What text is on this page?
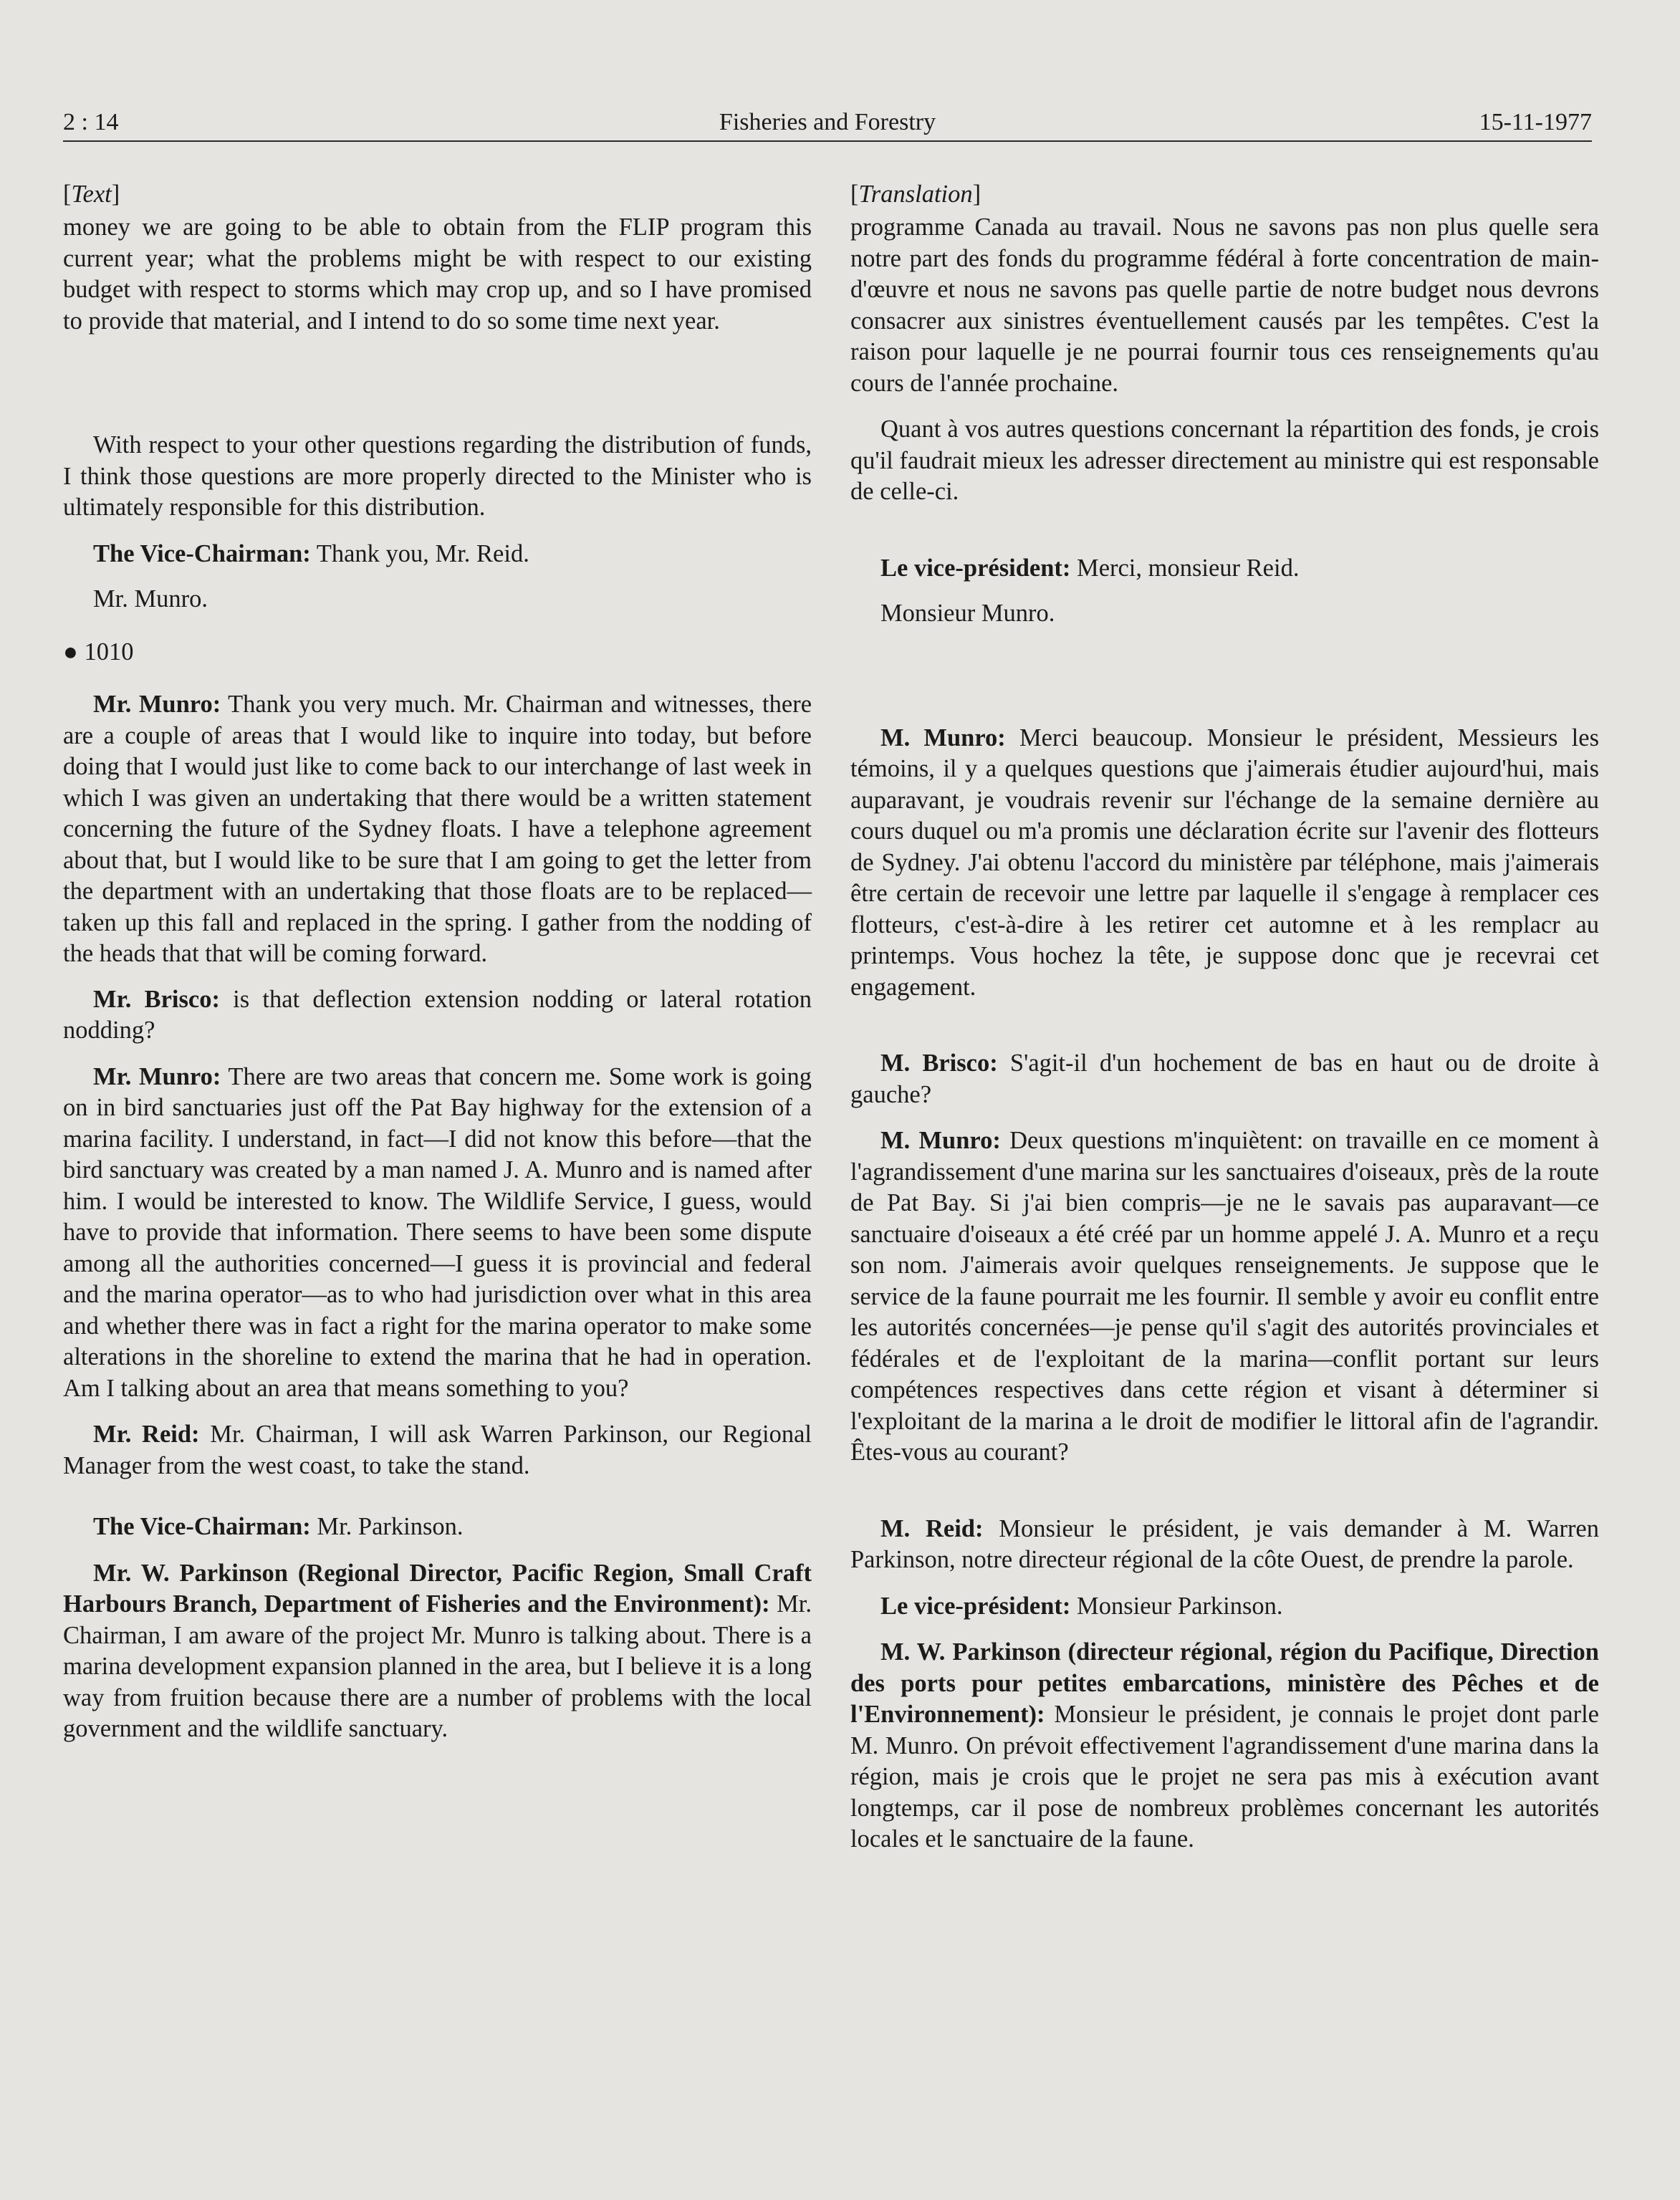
2 : 14	Fisheries and Forestry	15-11-1977

[Text]

money we are going to be able to obtain from the FLIP program this current year; what the problems might be with respect to our existing budget with respect to storms which may crop up, and so I have promised to provide that material, and I intend to do so some time next year.

With respect to your other questions regarding the distribution of funds, I think those questions are more properly directed to the Minister who is ultimately responsible for this distribution.

The Vice-Chairman: Thank you, Mr. Reid.

Mr. Munro.

● 1010

Mr. Munro: Thank you very much. Mr. Chairman and witnesses, there are a couple of areas that I would like to inquire into today, but before doing that I would just like to come back to our interchange of last week in which I was given an undertaking that there would be a written statement concerning the future of the Sydney floats. I have a telephone agreement about that, but I would like to be sure that I am going to get the letter from the department with an undertaking that those floats are to be replaced—taken up this fall and replaced in the spring. I gather from the nodding of the heads that that will be coming forward.

Mr. Brisco: is that deflection extension nodding or lateral rotation nodding?

Mr. Munro: There are two areas that concern me. Some work is going on in bird sanctuaries just off the Pat Bay highway for the extension of a marina facility. I understand, in fact—I did not know this before—that the bird sanctuary was created by a man named J. A. Munro and is named after him. I would be interested to know. The Wildlife Service, I guess, would have to provide that information. There seems to have been some dispute among all the authorities concerned—I guess it is provincial and federal and the marina operator—as to who had jurisdiction over what in this area and whether there was in fact a right for the marina operator to make some alterations in the shoreline to extend the marina that he had in operation. Am I talking about an area that means something to you?

Mr. Reid: Mr. Chairman, I will ask Warren Parkinson, our Regional Manager from the west coast, to take the stand.

The Vice-Chairman: Mr. Parkinson.

Mr. W. Parkinson (Regional Director, Pacific Region, Small Craft Harbours Branch, Department of Fisheries and the Environment): Mr. Chairman, I am aware of the project Mr. Munro is talking about. There is a marina development expansion planned in the area, but I believe it is a long way from fruition because there are a number of problems with the local government and the wildlife sanctuary.

[Translation]

programme Canada au travail. Nous ne savons pas non plus quelle sera notre part des fonds du programme fédéral à forte concentration de main-d'œuvre et nous ne savons pas quelle partie de notre budget nous devrons consacrer aux sinistres éventuellement causés par les tempêtes. C'est la raison pour laquelle je ne pourrai fournir tous ces renseignements qu'au cours de l'année prochaine.

Quant à vos autres questions concernant la répartition des fonds, je crois qu'il faudrait mieux les adresser directement au ministre qui est responsable de celle-ci.

Le vice-président: Merci, monsieur Reid.

Monsieur Munro.

M. Munro: Merci beaucoup. Monsieur le président, Messieurs les témoins, il y a quelques questions que j'aimerais étudier aujourd'hui, mais auparavant, je voudrais revenir sur l'échange de la semaine dernière au cours duquel ou m'a promis une déclaration écrite sur l'avenir des flotteurs de Sydney. J'ai obtenu l'accord du ministère par téléphone, mais j'aimerais être certain de recevoir une lettre par laquelle il s'engage à remplacer ces flotteurs, c'est-à-dire à les retirer cet automne et à les remplacr au printemps. Vous hochez la tête, je suppose donc que je recevrai cet engagement.

M. Brisco: S'agit-il d'un hochement de bas en haut ou de droite à gauche?

M. Munro: Deux questions m'inquiètent: on travaille en ce moment à l'agrandissement d'une marina sur les sanctuaires d'oiseaux, près de la route de Pat Bay. Si j'ai bien compris—je ne le savais pas auparavant—ce sanctuaire d'oiseaux a été créé par un homme appelé J. A. Munro et a reçu son nom. J'aimerais avoir quelques renseignements. Je suppose que le service de la faune pourrait me les fournir. Il semble y avoir eu conflit entre les autorités concernées—je pense qu'il s'agit des autorités provinciales et fédérales et de l'exploitant de la marina—conflit portant sur leurs compétences respectives dans cette région et visant à déterminer si l'exploitant de la marina a le droit de modifier le littoral afin de l'agrandir. Êtes-vous au courant?

M. Reid: Monsieur le président, je vais demander à M. Warren Parkinson, notre directeur régional de la côte Ouest, de prendre la parole.

Le vice-président: Monsieur Parkinson.

M. W. Parkinson (directeur régional, région du Pacifique, Direction des ports pour petites embarcations, ministère des Pêches et de l'Environnement): Monsieur le président, je connais le projet dont parle M. Munro. On prévoit effectivement l'agrandissement d'une marina dans la région, mais je crois que le projet ne sera pas mis à exécution avant longtemps, car il pose de nombreux problèmes concernant les autorités locales et le sanctuaire de la faune.
